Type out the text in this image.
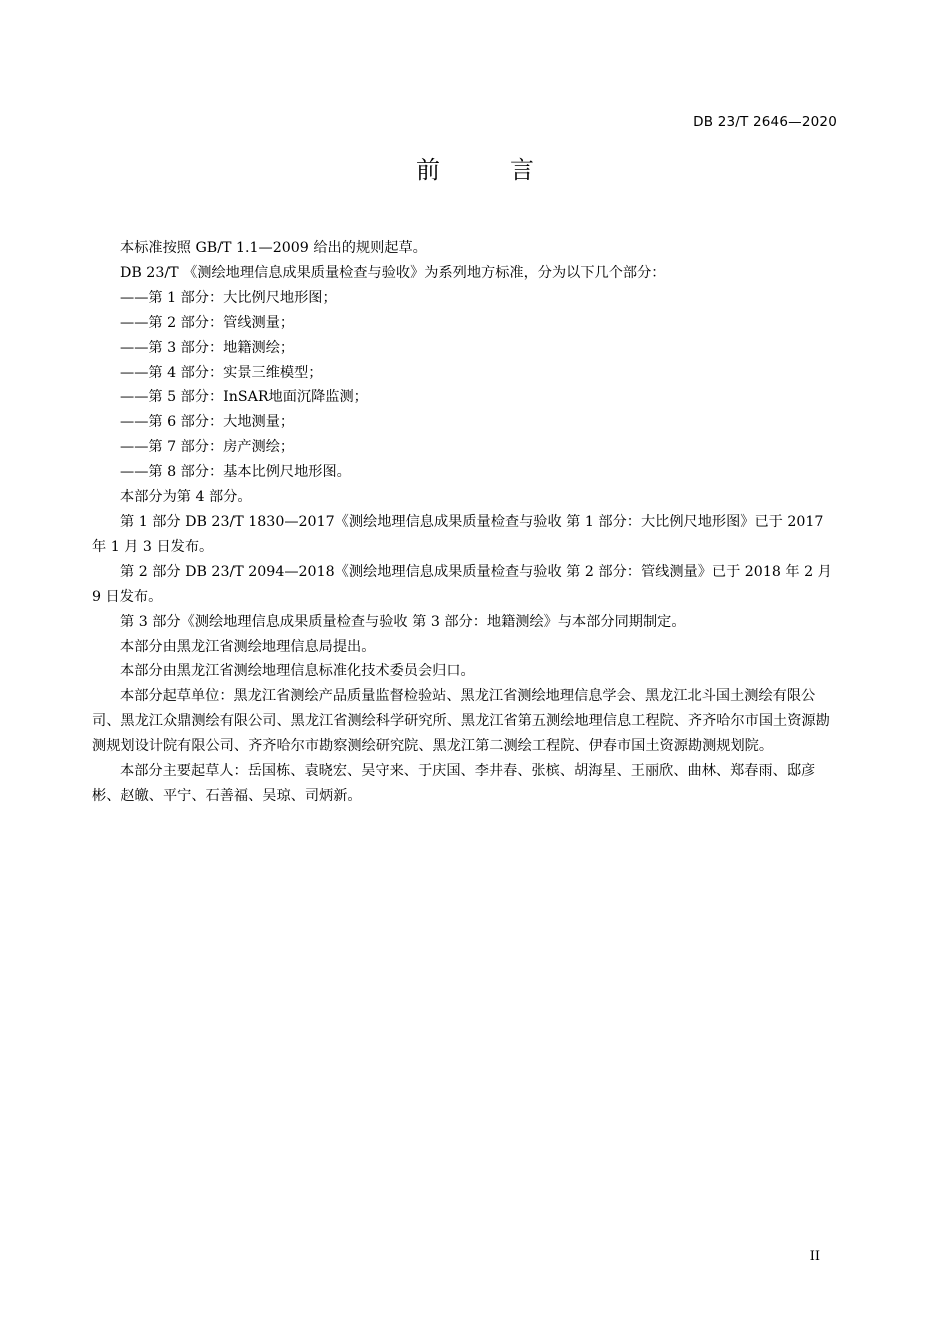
DB 23/T 2646—2020
前	言

本标准按照 GB/T 1.1—2009 给出的规则起草。

DB 23/T 《测绘地理信息成果质量检查与验收》为系列地方标准，分为以下几个部分：

——第 1 部分：大比例尺地形图；

——第 2 部分：管线测量；

——第 3 部分：地籍测绘；

——第 4 部分：实景三维模型；

——第 5 部分：InSAR地面沉降监测；

——第 6 部分：大地测量；

——第 7 部分：房产测绘；

——第 8 部分：基本比例尺地形图。

本部分为第 4 部分。

第 1 部分 DB 23/T 1830—2017《测绘地理信息成果质量检查与验收 第 1 部分：大比例尺地形图》已于 2017 年 1 月 3 日发布。

第 2 部分 DB 23/T 2094—2018《测绘地理信息成果质量检查与验收 第 2 部分：管线测量》已于 2018 年 2 月 9 日发布。

第 3 部分《测绘地理信息成果质量检查与验收 第 3 部分：地籍测绘》与本部分同期制定。

本部分由黑龙江省测绘地理信息局提出。

本部分由黑龙江省测绘地理信息标准化技术委员会归口。

本部分起草单位：黑龙江省测绘产品质量监督检验站、黑龙江省测绘地理信息学会、黑龙江北斗国土测绘有限公司、黑龙江众鼎测绘有限公司、黑龙江省测绘科学研究所、黑龙江省第五测绘地理信息工程院、齐齐哈尔市国土资源勘测规划设计院有限公司、齐齐哈尔市勘察测绘研究院、黑龙江第二测绘工程院、伊春市国土资源勘测规划院。

本部分主要起草人：岳国栋、袁晓宏、吴守来、于庆国、李井春、张槟、胡海星、王丽欣、曲林、郑春雨、邸彦彬、赵皦、平宁、石善福、吴琼、司炳新。

II
